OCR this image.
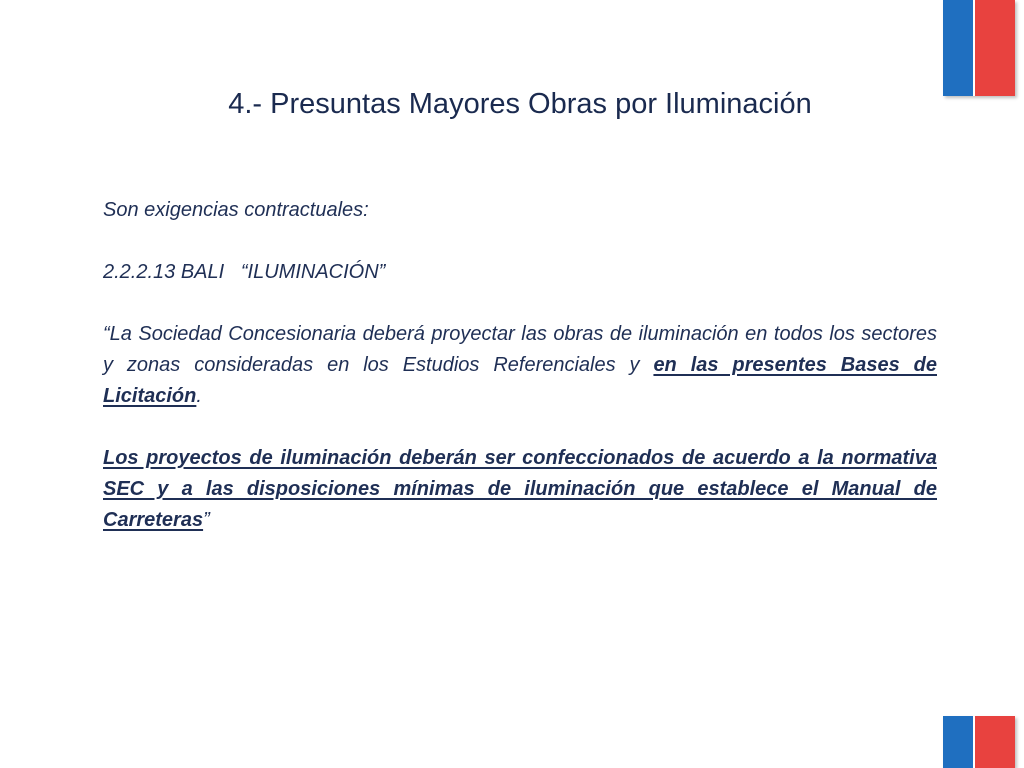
4.- Presuntas Mayores Obras por Iluminación

Son exigencias contractuales:

2.2.2.13 BALI   “ILUMINACIÓN”

“La Sociedad Concesionaria deberá proyectar las obras de iluminación en todos los sectores y zonas consideradas en los Estudios Referenciales y en las presentes Bases de Licitación.

Los proyectos de iluminación deberán ser confeccionados de acuerdo a la normativa SEC y a las disposiciones mínimas de iluminación que establece el Manual de Carreteras”
